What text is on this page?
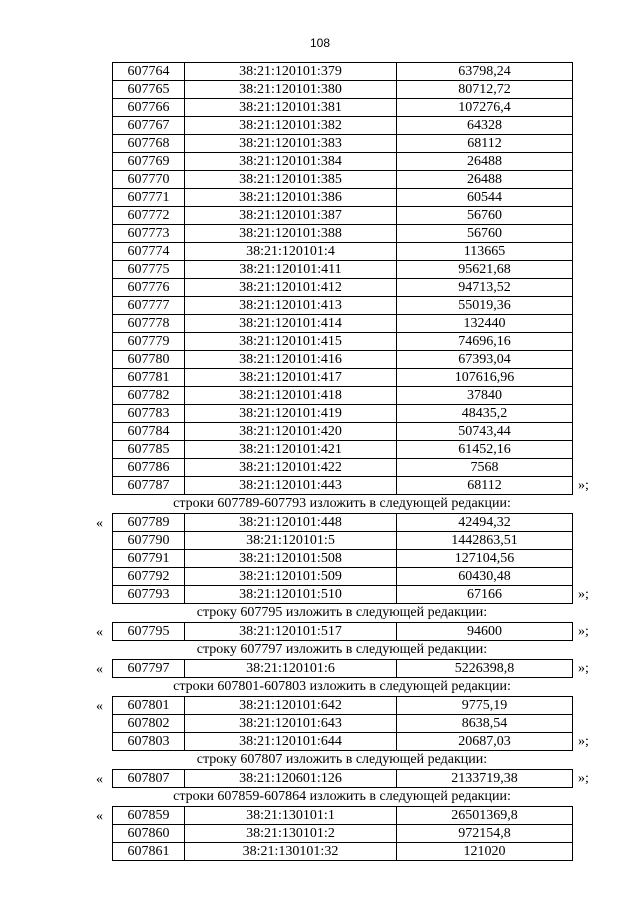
108
607764	38:21:120101:379	63798,24
607765	38:21:120101:380	80712,72
607766	38:21:120101:381	107276,4
607767	38:21:120101:382	64328
607768	38:21:120101:383	68112
607769	38:21:120101:384	26488
607770	38:21:120101:385	26488
607771	38:21:120101:386	60544
607772	38:21:120101:387	56760
607773	38:21:120101:388	56760
607774	38:21:120101:4	113665
607775	38:21:120101:411	95621,68
607776	38:21:120101:412	94713,52
607777	38:21:120101:413	55019,36
607778	38:21:120101:414	132440
607779	38:21:120101:415	74696,16
607780	38:21:120101:416	67393,04
607781	38:21:120101:417	107616,96
607782	38:21:120101:418	37840
607783	38:21:120101:419	48435,2
607784	38:21:120101:420	50743,44
607785	38:21:120101:421	61452,16
607786	38:21:120101:422	7568
607787	38:21:120101:443	68112	»;
строки 607789-607793 изложить в следующей редакции:
« 607789	38:21:120101:448	42494,32
607790	38:21:120101:5	1442863,51
607791	38:21:120101:508	127104,56
607792	38:21:120101:509	60430,48
607793	38:21:120101:510	67166	»;
строку 607795 изложить в следующей редакции:
« 607795	38:21:120101:517	94600	»;
строку 607797 изложить в следующей редакции:
« 607797	38:21:120101:6	5226398,8	»;
строки 607801-607803 изложить в следующей редакции:
« 607801	38:21:120101:642	9775,19
607802	38:21:120101:643	8638,54
607803	38:21:120101:644	20687,03	»;
строку 607807 изложить в следующей редакции:
« 607807	38:21:120601:126	2133719,38	»;
строки 607859-607864 изложить в следующей редакции:
« 607859	38:21:130101:1	26501369,8
607860	38:21:130101:2	972154,8
607861	38:21:130101:32	121020
